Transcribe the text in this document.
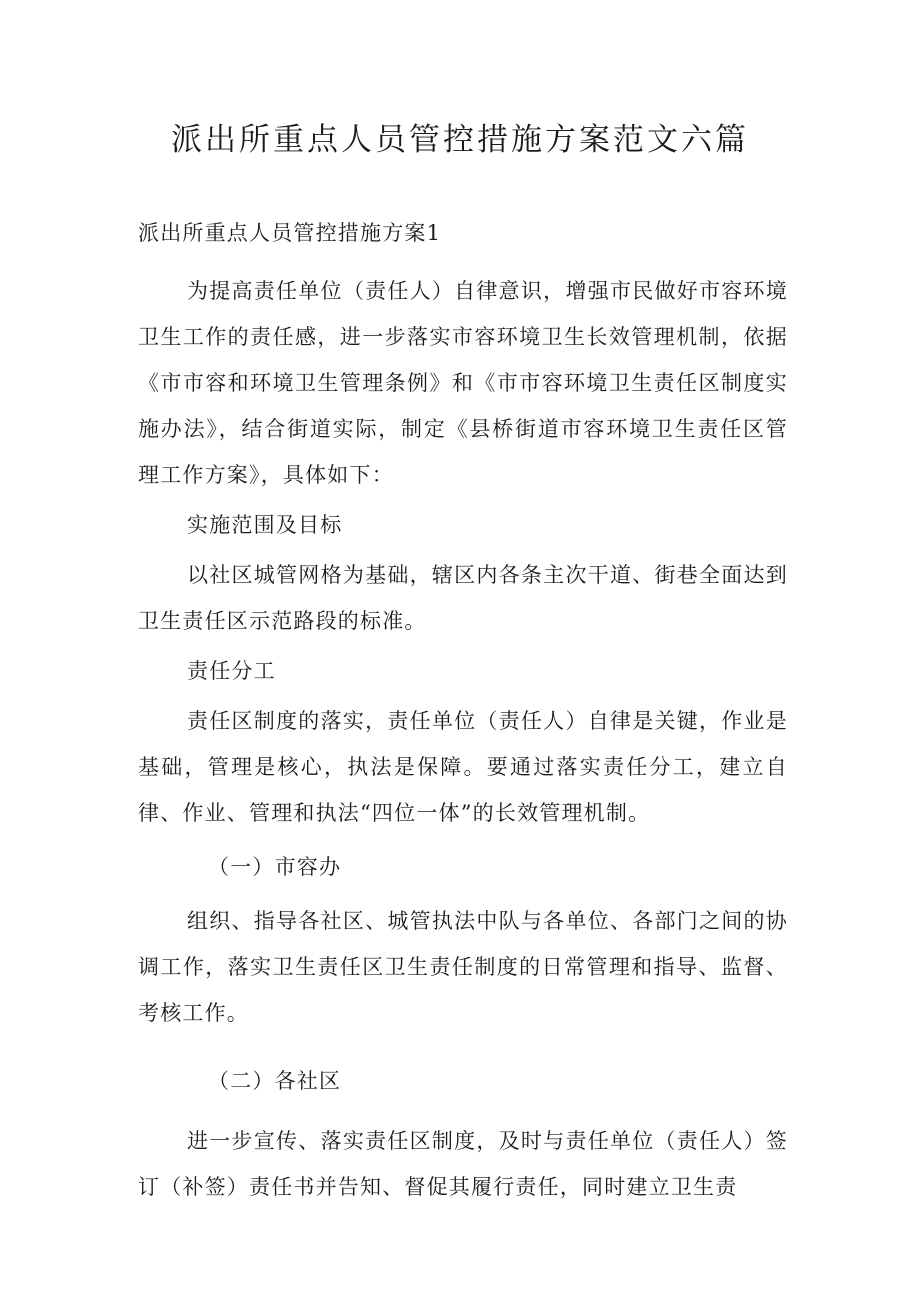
派出所重点人员管控措施方案范文六篇

派出所重点人员管控措施方案1

为提高责任单位（责任人）自律意识，增强市民做好市容环境卫生工作的责任感，进一步落实市容环境卫生长效管理机制，依据《市市容和环境卫生管理条例》和《市市容环境卫生责任区制度实施办法》，结合街道实际，制定《县桥街道市容环境卫生责任区管理工作方案》，具体如下：

实施范围及目标

以社区城管网格为基础，辖区内各条主次干道、街巷全面达到卫生责任区示范路段的标准。

责任分工

责任区制度的落实，责任单位（责任人）自律是关键，作业是基础，管理是核心，执法是保障。要通过落实责任分工，建立自律、作业、管理和执法“四位一体”的长效管理机制。

（一）市容办

组织、指导各社区、城管执法中队与各单位、各部门之间的协调工作，落实卫生责任区卫生责任制度的日常管理和指导、监督、考核工作。

（二）各社区

进一步宣传、落实责任区制度，及时与责任单位（责任人）签订（补签）责任书并告知、督促其履行责任，同时建立卫生责
